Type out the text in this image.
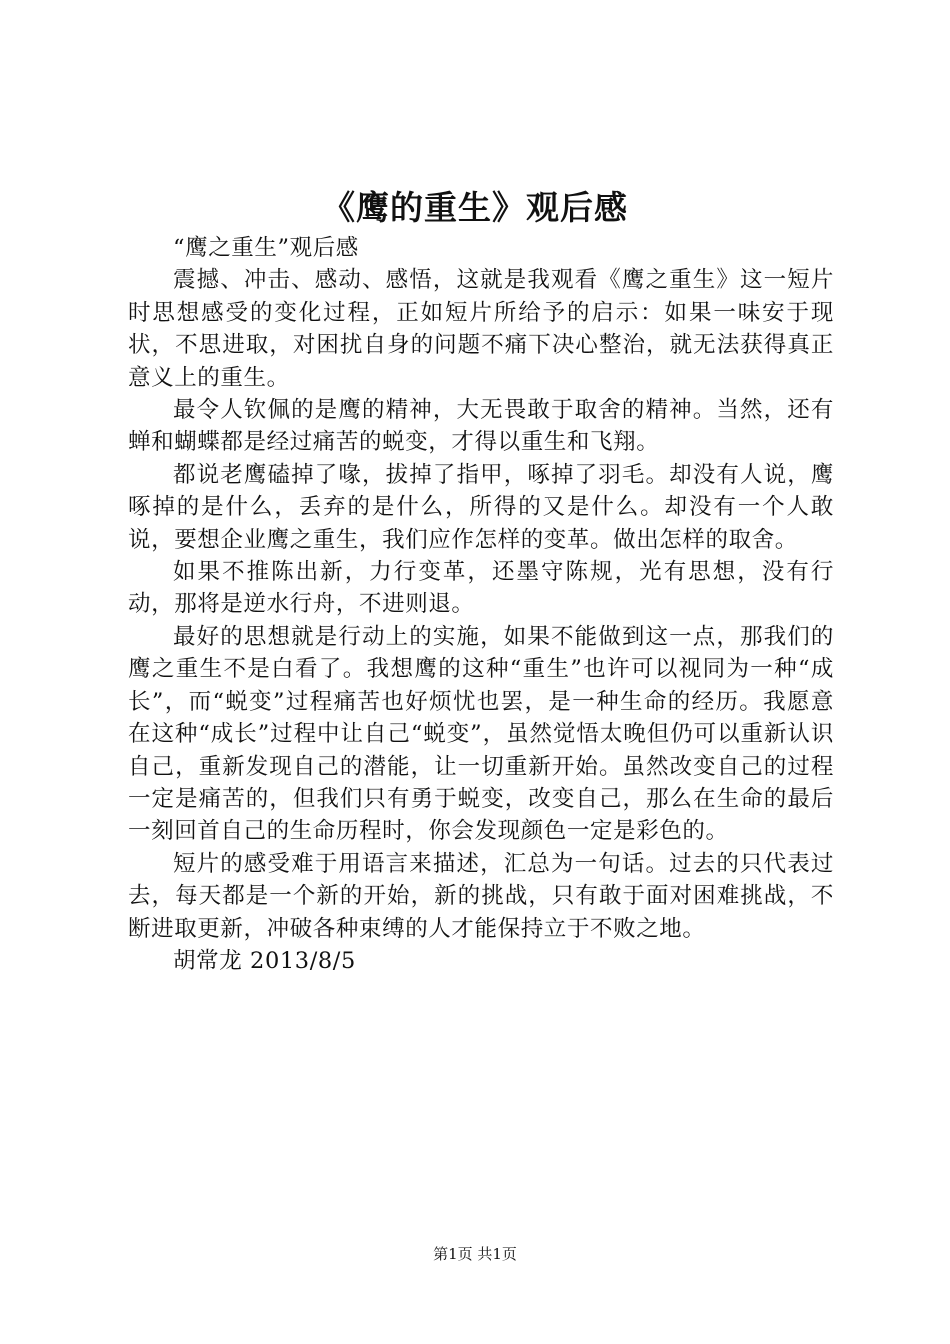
《鹰的重生》观后感

“鹰之重生”观后感

震撼、冲击、感动、感悟，这就是我观看《鹰之重生》这一短片时思想感受的变化过程，正如短片所给予的启示：如果一味安于现状，不思进取，对困扰自身的问题不痛下决心整治，就无法获得真正意义上的重生。

最令人钦佩的是鹰的精神，大无畏敢于取舍的精神。当然，还有蝉和蝴蝶都是经过痛苦的蜕变，才得以重生和飞翔。

都说老鹰磕掉了喙，拔掉了指甲，啄掉了羽毛。却没有人说，鹰啄掉的是什么，丢弃的是什么，所得的又是什么。却没有一个人敢说，要想企业鹰之重生，我们应作怎样的变革。做出怎样的取舍。

如果不推陈出新，力行变革，还墨守陈规，光有思想，没有行动，那将是逆水行舟，不进则退。

最好的思想就是行动上的实施，如果不能做到这一点，那我们的鹰之重生不是白看了。我想鹰的这种“重生”也许可以视同为一种“成长”，而“蜕变”过程痛苦也好烦忧也罢，是一种生命的经历。我愿意在这种“成长”过程中让自己“蜕变”，虽然觉悟太晚但仍可以重新认识自己，重新发现自己的潜能，让一切重新开始。虽然改变自己的过程一定是痛苦的，但我们只有勇于蜕变，改变自己，那么在生命的最后一刻回首自己的生命历程时，你会发现颜色一定是彩色的。

短片的感受难于用语言来描述，汇总为一句话。过去的只代表过去，每天都是一个新的开始，新的挑战，只有敢于面对困难挑战，不断进取更新，冲破各种束缚的人才能保持立于不败之地。

胡常龙 2013/8/5

第1页 共1页
